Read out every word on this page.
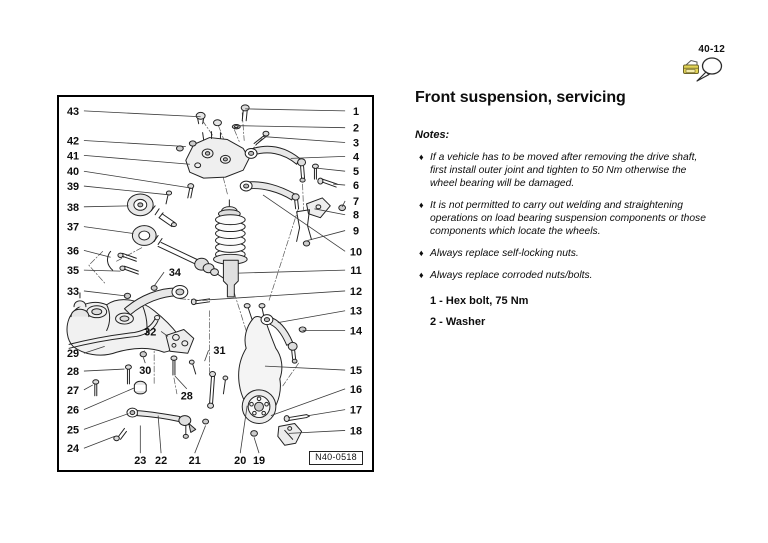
40-12
43
42
41
40
39
38
37
36
35
33
29
28
27
26
25
24
1
2
3
4
5
6
7
8
9
10
11
12
13
14
15
16
17
18
23 22 21	20 19
34
32
31
30
28
N40-0518
Front suspension, servicing
Notes:
♦ If a vehicle has to be moved after removing the drive shaft, first install outer joint and tighten to 50 Nm otherwise the wheel bearing will be damaged.
♦ It is not permitted to carry out welding and straightening operations on load bearing suspension components or those components which locate the wheels.
♦ Always replace self-locking nuts.
♦ Always replace corroded nuts/bolts.
1 - Hex bolt, 75 Nm
2 - Washer
